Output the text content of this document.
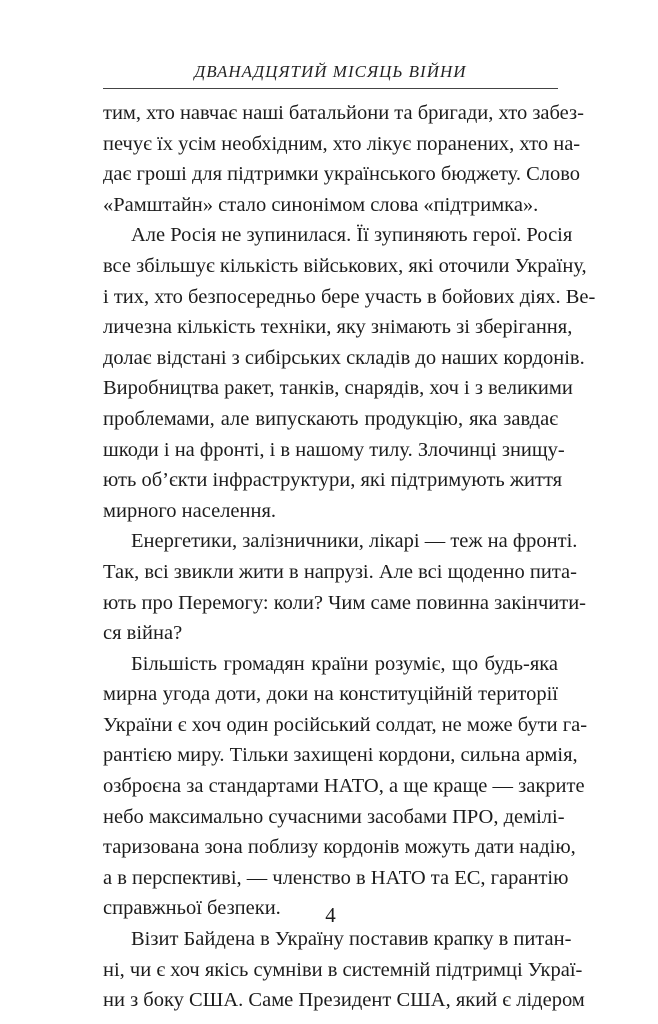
ДВАНАДЦЯТИЙ МІСЯЦЬ ВІЙНИ
тим, хто навчає наші батальйони та бригади, хто забез-
печує їх усім необхідним, хто лікує поранених, хто на-
дає гроші для підтримки українського бюджету. Слово
«Рамштайн» стало синонімом слова «підтримка».
Але Росія не зупинилася. Її зупиняють герої. Росія
все збільшує кількість військових, які оточили Україну,
і тих, хто безпосередньо бере участь в бойових діях. Ве-
личезна кількість техніки, яку знімають зі зберігання,
долає відстані з сибірських складів до наших кордонів.
Виробництва ракет, танків, снарядів, хоч і з великими
проблемами, але випускають продукцію, яка завдає
шкоди і на фронті, і в нашому тилу. Злочинці знищу-
ють об’єкти інфраструктури, які підтримують життя
мирного населення.
Енергетики, залізничники, лікарі — теж на фронті.
Так, всі звикли жити в напрузі. Але всі щоденно пита-
ють про Перемогу: коли? Чим саме повинна закінчити-
ся війна?
Більшість громадян країни розуміє, що будь-яка
мирна угода доти, доки на конституційній території
України є хоч один російський солдат, не може бути га-
рантією миру. Тільки захищені кордони, сильна армія,
озброєна за стандартами НАТО, а ще краще — закрите
небо максимально сучасними засобами ПРО, демілі-
таризована зона поблизу кордонів можуть дати надію,
а в перспективі, — членство в НАТО та ЕС, гарантію
справжньої безпеки.
Візит Байдена в Україну поставив крапку в питан-
ні, чи є хоч якісь сумніви в системній підтримці Украї-
ни з боку США. Саме Президент США, який є лідером
4
